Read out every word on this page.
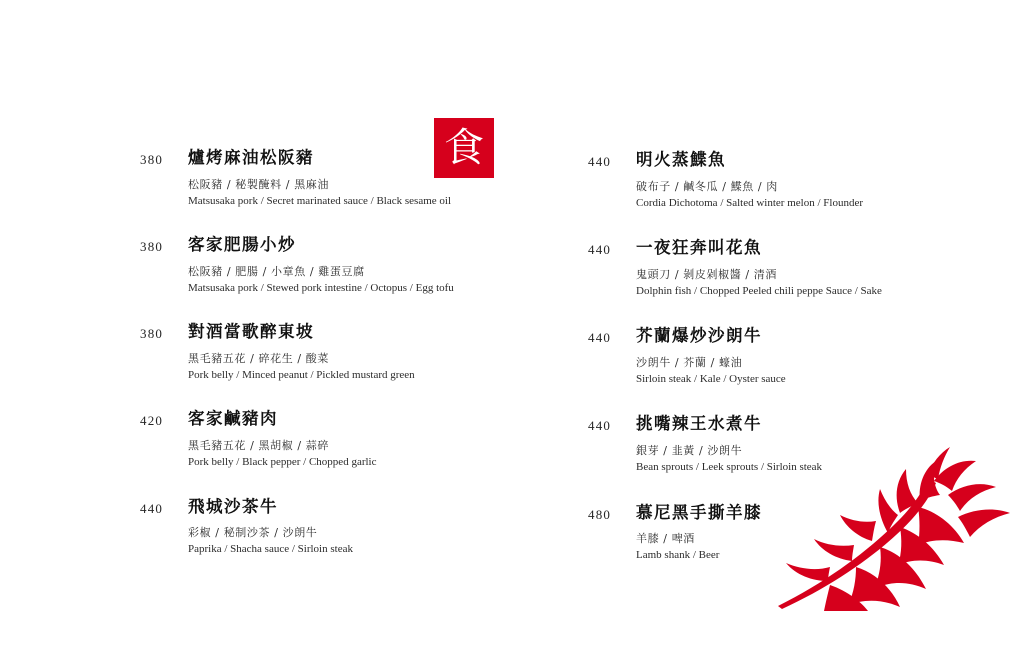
食
380	爐烤麻油松阪豬
松阪豬 / 秘製醃料 / 黑麻油
Matsusaka pork / Secret marinated sauce / Black sesame oil
380	客家肥腸小炒
松阪豬 / 肥腸 / 小章魚 / 雞蛋豆腐
Matsusaka pork / Stewed pork intestine / Octopus / Egg tofu
380	對酒當歌醉東坡
黑毛豬五花 / 碎花生 / 酸菜
Pork belly / Minced peanut / Pickled mustard green
420	客家鹹豬肉
黑毛豬五花 / 黑胡椒 / 蒜碎
Pork belly / Black pepper / Chopped garlic
440	飛城沙茶牛
彩椒 / 秘制沙茶 / 沙朗牛
Paprika / Shacha sauce / Sirloin steak
440	明火蒸鰈魚
破布子 / 鹹冬瓜 / 鰈魚 / 肉
Cordia Dichotoma / Salted winter melon / Flounder
440	一夜狂奔叫花魚
鬼頭刀 / 剝皮剁椒醬 / 清酒
Dolphin fish / Chopped Peeled chili peppe Sauce / Sake
440	芥蘭爆炒沙朗牛
沙朗牛 / 芥蘭 / 蠔油
Sirloin steak / Kale / Oyster sauce
440	挑嘴辣王水煮牛
銀芽 / 韭黃 / 沙朗牛
Bean sprouts / Leek sprouts / Sirloin steak
480	慕尼黑手撕羊膝
羊膝 / 啤酒
Lamb shank / Beer
